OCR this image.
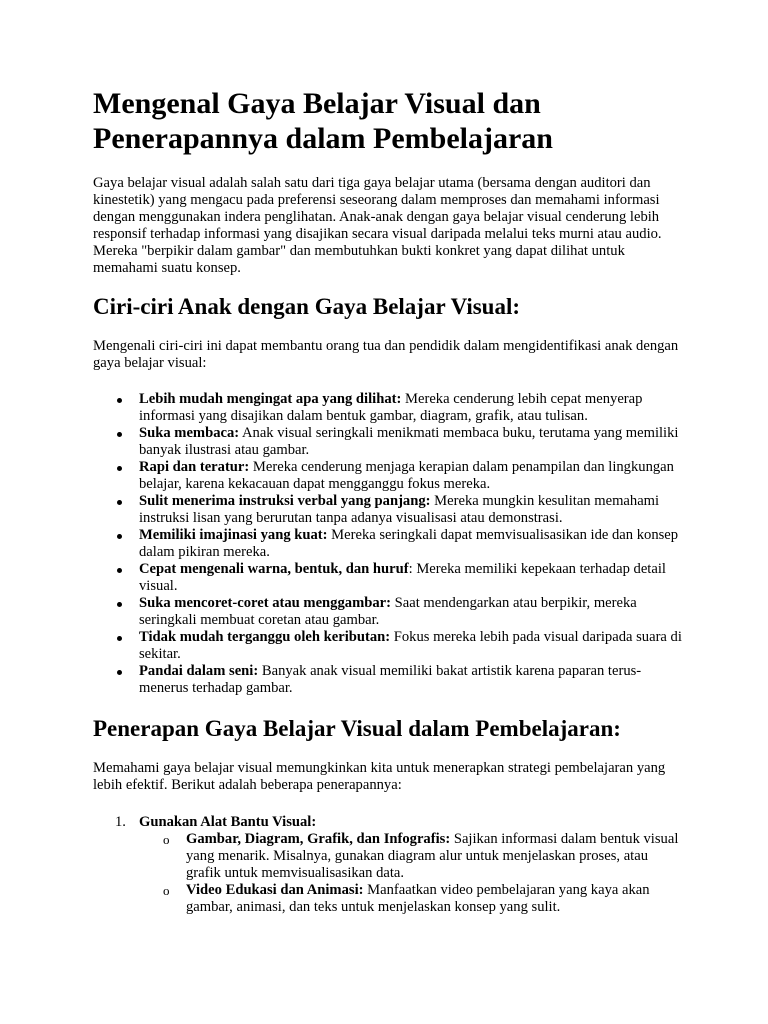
Mengenal Gaya Belajar Visual dan Penerapannya dalam Pembelajaran

Gaya belajar visual adalah salah satu dari tiga gaya belajar utama (bersama dengan auditori dan kinestetik) yang mengacu pada preferensi seseorang dalam memproses dan memahami informasi dengan menggunakan indera penglihatan. Anak-anak dengan gaya belajar visual cenderung lebih responsif terhadap informasi yang disajikan secara visual daripada melalui teks murni atau audio. Mereka "berpikir dalam gambar" dan membutuhkan bukti konkret yang dapat dilihat untuk memahami suatu konsep.

Ciri-ciri Anak dengan Gaya Belajar Visual:

Mengenali ciri-ciri ini dapat membantu orang tua dan pendidik dalam mengidentifikasi anak dengan gaya belajar visual:

Lebih mudah mengingat apa yang dilihat: Mereka cenderung lebih cepat menyerap informasi yang disajikan dalam bentuk gambar, diagram, grafik, atau tulisan.
Suka membaca: Anak visual seringkali menikmati membaca buku, terutama yang memiliki banyak ilustrasi atau gambar.
Rapi dan teratur: Mereka cenderung menjaga kerapian dalam penampilan dan lingkungan belajar, karena kekacauan dapat mengganggu fokus mereka.
Sulit menerima instruksi verbal yang panjang: Mereka mungkin kesulitan memahami instruksi lisan yang berurutan tanpa adanya visualisasi atau demonstrasi.
Memiliki imajinasi yang kuat: Mereka seringkali dapat memvisualisasikan ide dan konsep dalam pikiran mereka.
Cepat mengenali warna, bentuk, dan huruf: Mereka memiliki kepekaan terhadap detail visual.
Suka mencoret-coret atau menggambar: Saat mendengarkan atau berpikir, mereka seringkali membuat coretan atau gambar.
Tidak mudah terganggu oleh keributan: Fokus mereka lebih pada visual daripada suara di sekitar.
Pandai dalam seni: Banyak anak visual memiliki bakat artistik karena paparan terus-menerus terhadap gambar.
Penerapan Gaya Belajar Visual dalam Pembelajaran:

Memahami gaya belajar visual memungkinkan kita untuk menerapkan strategi pembelajaran yang lebih efektif. Berikut adalah beberapa penerapannya:

1. Gunakan Alat Bantu Visual:
o Gambar, Diagram, Grafik, dan Infografis: Sajikan informasi dalam bentuk visual yang menarik. Misalnya, gunakan diagram alur untuk menjelaskan proses, atau grafik untuk memvisualisasikan data.
o Video Edukasi dan Animasi: Manfaatkan video pembelajaran yang kaya akan gambar, animasi, dan teks untuk menjelaskan konsep yang sulit.
